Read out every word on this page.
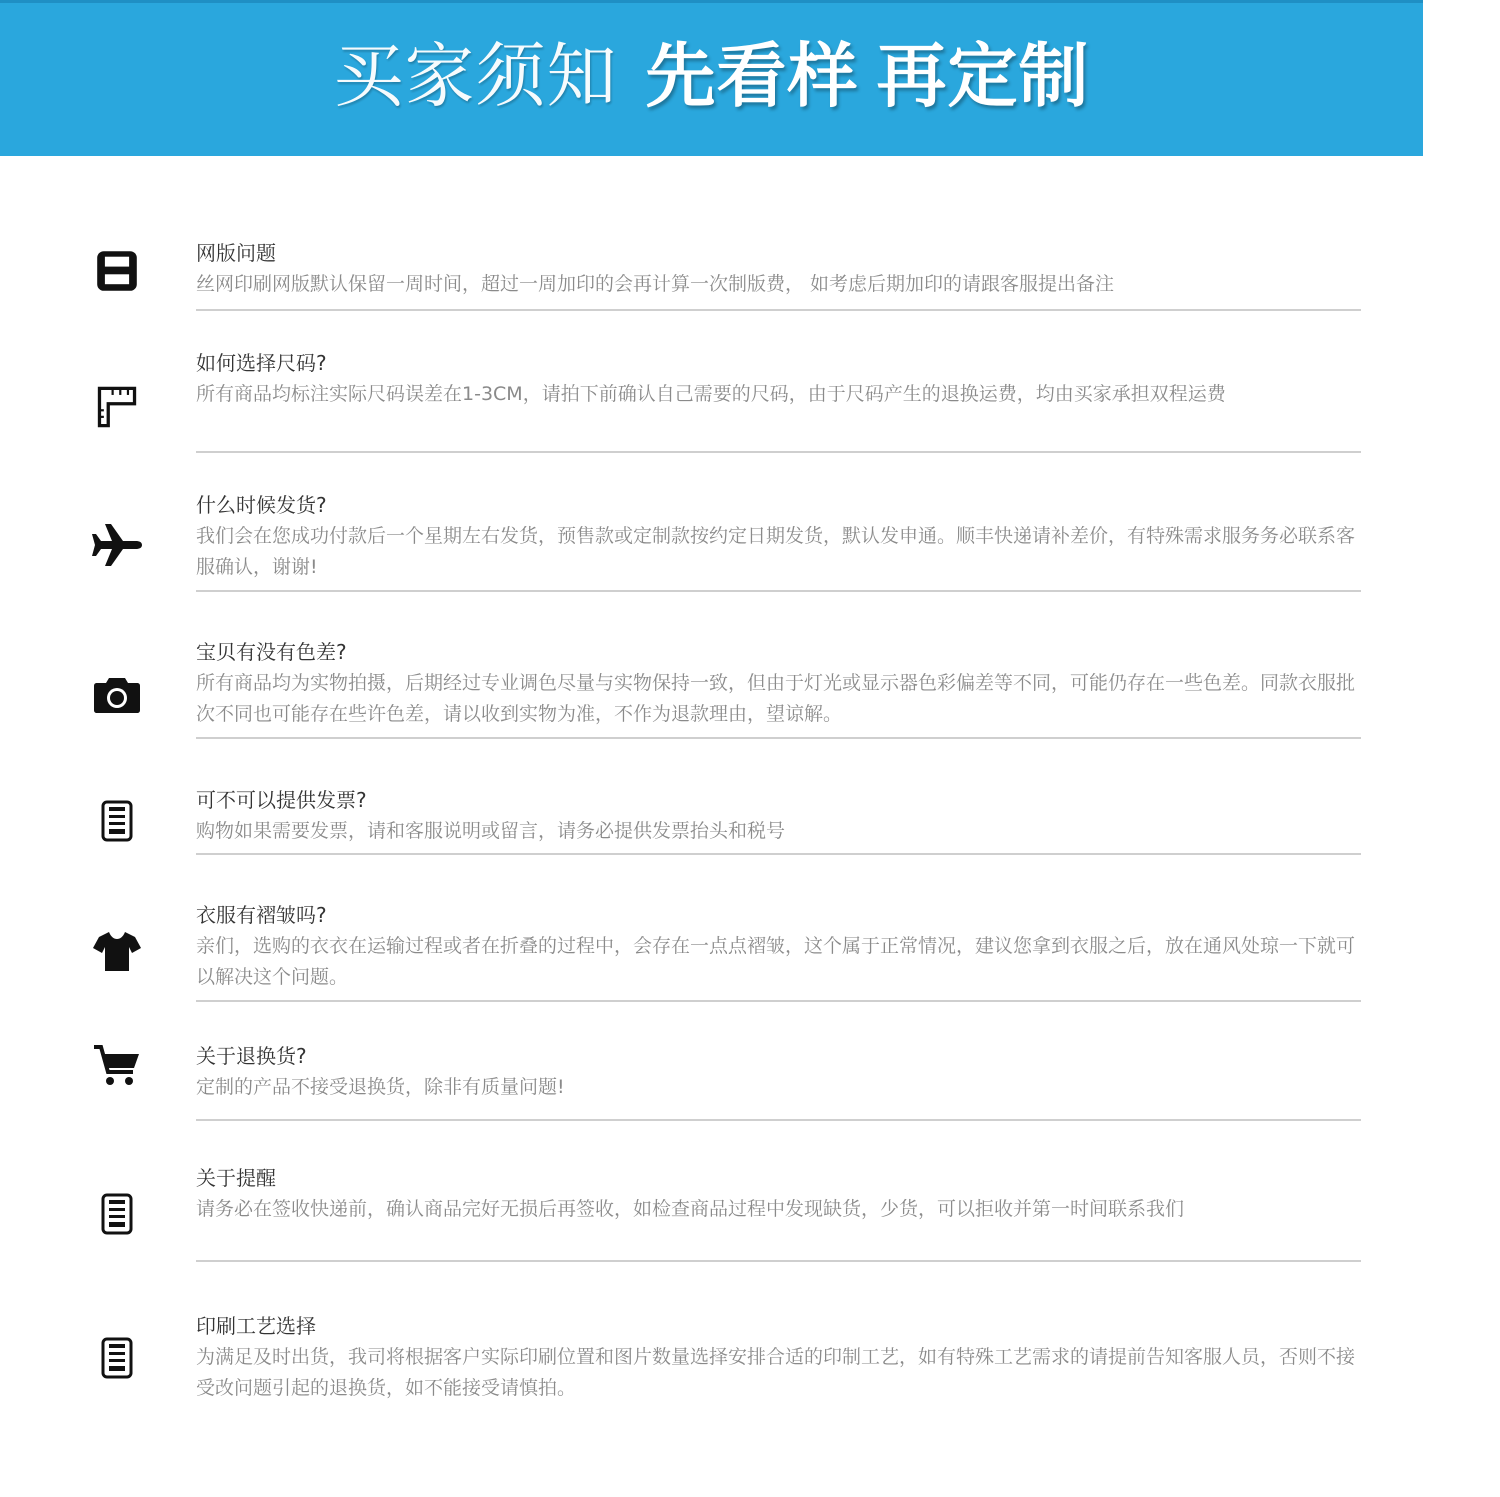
买家须知 先看样 再定制
网版问题
丝网印刷网版默认保留一周时间，超过一周加印的会再计算一次制版费， 如考虑后期加印的请跟客服提出备注
如何选择尺码?
所有商品均标注实际尺码误差在1-3CM，请拍下前确认自己需要的尺码，由于尺码产生的退换运费，均由买家承担双程运费
什么时候发货?
我们会在您成功付款后一个星期左右发货，预售款或定制款按约定日期发货，默认发申通。顺丰快递请补差价，有特殊需求服务务必联系客服确认，谢谢!
宝贝有没有色差?
所有商品均为实物拍摄，后期经过专业调色尽量与实物保持一致，但由于灯光或显示器色彩偏差等不同，可能仍存在一些色差。同款衣服批次不同也可能存在些许色差，请以收到实物为准，不作为退款理由，望谅解。
可不可以提供发票?
购物如果需要发票，请和客服说明或留言，请务必提供发票抬头和税号
衣服有褶皱吗?
亲们，选购的衣衣在运输过程或者在折叠的过程中，会存在一点点褶皱，这个属于正常情况，建议您拿到衣服之后，放在通风处琼一下就可以解决这个问题。
关于退换货?
定制的产品不接受退换货，除非有质量问题!
关于提醒
请务必在签收快递前，确认商品完好无损后再签收，如检查商品过程中发现缺货，少货，可以拒收并第一时间联系我们
印刷工艺选择
为满足及时出货，我司将根据客户实际印刷位置和图片数量选择安排合适的印制工艺，如有特殊工艺需求的请提前告知客服人员，否则不接受改问题引起的退换货，如不能接受请慎拍。
